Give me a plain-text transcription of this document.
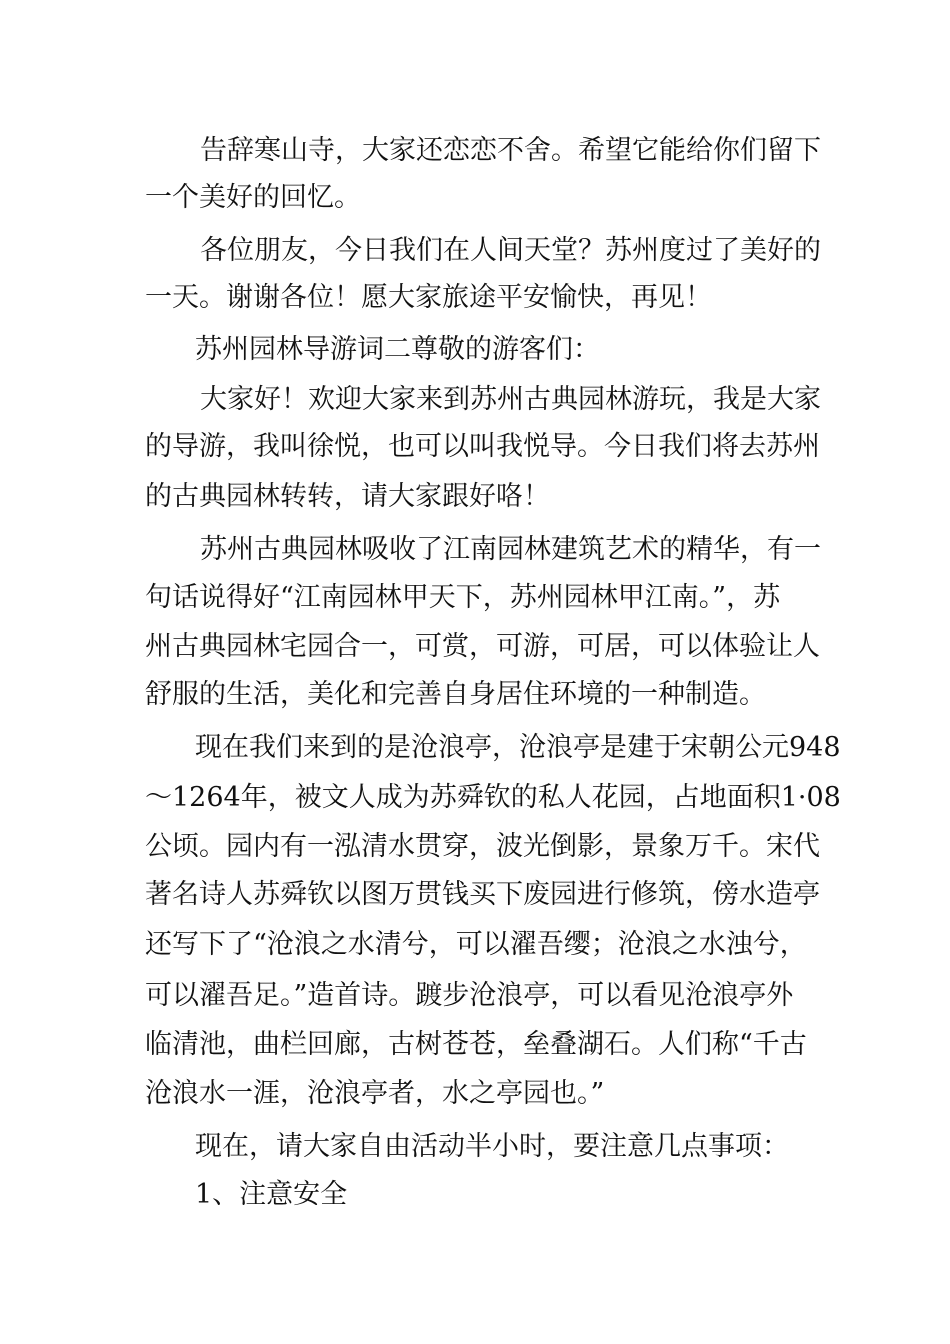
告辞寒山寺，大家还恋恋不舍。希望它能给你们留下
一个美好的回忆。
各位朋友，今日我们在人间天堂？苏州度过了美好的
一天。谢谢各位！愿大家旅途平安愉快，再见！
苏州园林导游词二尊敬的游客们：
大家好！欢迎大家来到苏州古典园林游玩，我是大家
的导游，我叫徐悦，也可以叫我悦导。今日我们将去苏州
的古典园林转转，请大家跟好咯！
苏州古典园林吸收了江南园林建筑艺术的精华，有一
句话说得好“江南园林甲天下，苏州园林甲江南。”，苏
州古典园林宅园合一，可赏，可游，可居，可以体验让人
舒服的生活，美化和完善自身居住环境的一种制造。
现在我们来到的是沧浪亭，沧浪亭是建于宋朝公元948
～1264年，被文人成为苏舜钦的私人花园，占地面积1·08
公顷。园内有一泓清水贯穿，波光倒影，景象万千。宋代
著名诗人苏舜钦以图万贯钱买下废园进行修筑，傍水造亭
还写下了“沧浪之水清兮，可以濯吾缨；沧浪之水浊兮，
可以濯吾足。”造首诗。踱步沧浪亭，可以看见沧浪亭外
临清池，曲栏回廊，古树苍苍，垒叠湖石。人们称“千古
沧浪水一涯，沧浪亭者，水之亭园也。”
现在，请大家自由活动半小时，要注意几点事项：
1、注意安全
